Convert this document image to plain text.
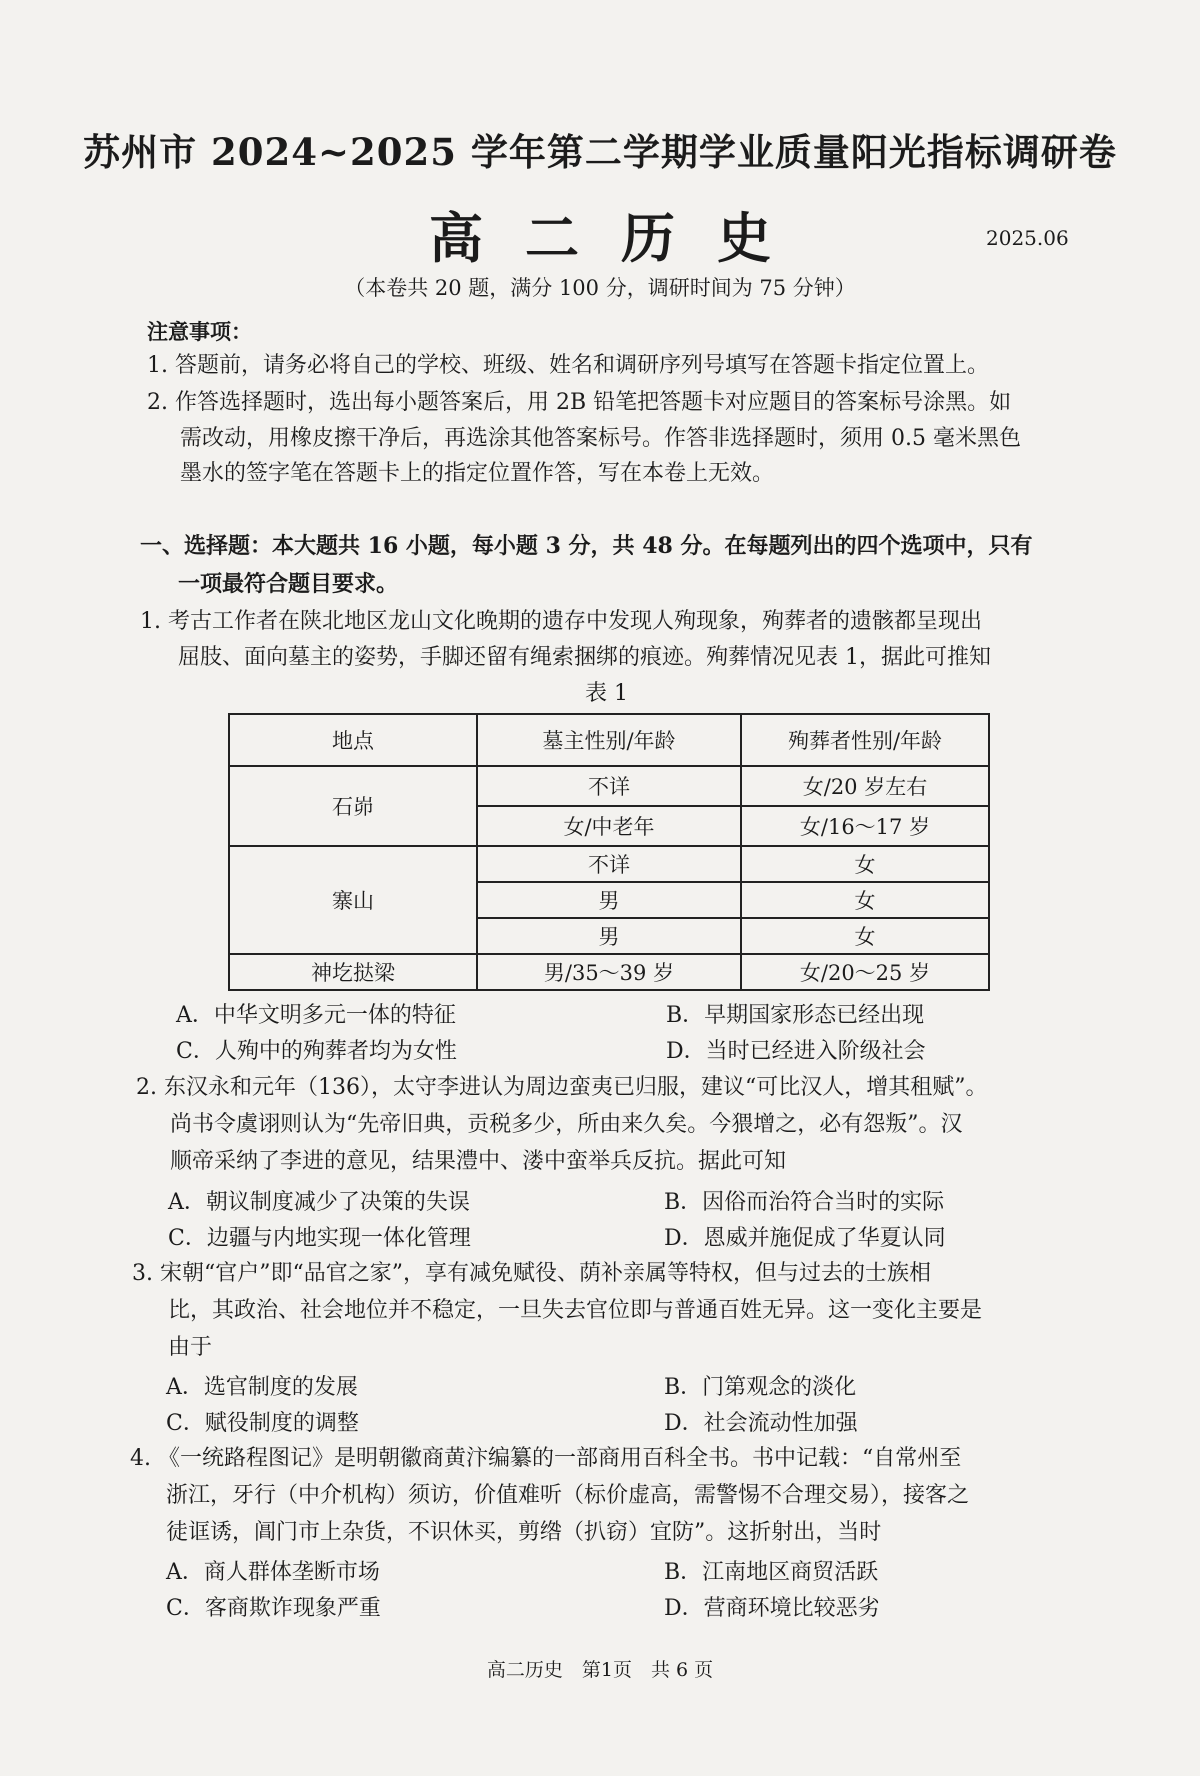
苏州市 2024~2025 学年第二学期学业质量阳光指标调研卷
高二历史	2025.06
（本卷共 20 题，满分 100 分，调研时间为 75 分钟）
注意事项：
1. 答题前，请务必将自己的学校、班级、姓名和调研序列号填写在答题卡指定位置上。
2. 作答选择题时，选出每小题答案后，用 2B 铅笔把答题卡对应题目的答案标号涂黑。如
需改动，用橡皮擦干净后，再选涂其他答案标号。作答非选择题时，须用 0.5 毫米黑色
墨水的签字笔在答题卡上的指定位置作答，写在本卷上无效。
一、选择题：本大题共 16 小题，每小题 3 分，共 48 分。在每题列出的四个选项中，只有
一项最符合题目要求。
1. 考古工作者在陕北地区龙山文化晚期的遗存中发现人殉现象，殉葬者的遗骸都呈现出
屈肢、面向墓主的姿势，手脚还留有绳索捆绑的痕迹。殉葬情况见表 1，据此可推知
表 1
地点	墓主性别/年龄	殉葬者性别/年龄
石峁	不详	女/20 岁左右
	女/中老年	女/16～17 岁
寨山	不详	女
	男	女
	男	女
神圪挞梁	男/35～39 岁	女/20～25 岁
A．中华文明多元一体的特征	B．早期国家形态已经出现
C．人殉中的殉葬者均为女性	D．当时已经进入阶级社会
2. 东汉永和元年（136），太守李进认为周边蛮夷已归服，建议“可比汉人，增其租赋”。
尚书令虞诩则认为“先帝旧典，贡税多少，所由来久矣。今猥增之，必有怨叛”。汉
顺帝采纳了李进的意见，结果澧中、溇中蛮举兵反抗。据此可知
A．朝议制度减少了决策的失误	B．因俗而治符合当时的实际
C．边疆与内地实现一体化管理	D．恩威并施促成了华夏认同
3. 宋朝“官户”即“品官之家”，享有减免赋役、荫补亲属等特权，但与过去的士族相
比，其政治、社会地位并不稳定，一旦失去官位即与普通百姓无异。这一变化主要是
由于
A．选官制度的发展	B．门第观念的淡化
C．赋役制度的调整	D．社会流动性加强
4. 《一统路程图记》是明朝徽商黄汴编纂的一部商用百科全书。书中记载：“自常州至
浙江，牙行（中介机构）须访，价值难听（标价虚高，需警惕不合理交易），接客之
徒诓诱，阊门市上杂货，不识休买，剪绺（扒窃）宜防”。这折射出，当时
A．商人群体垄断市场	B．江南地区商贸活跃
C．客商欺诈现象严重	D．营商环境比较恶劣
高二历史　第1页　共 6 页
